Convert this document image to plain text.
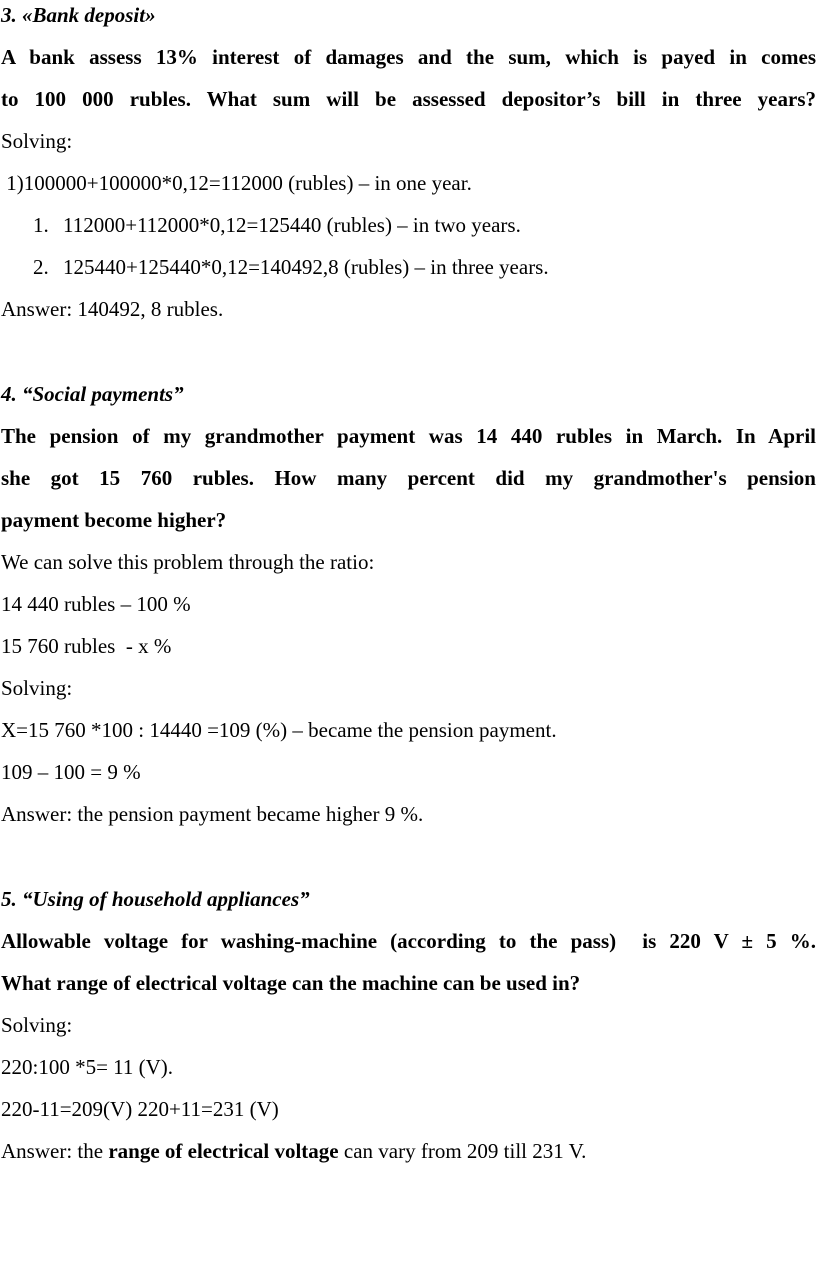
3. «Bank deposit»
A bank assess 13% interest of damages and the sum, which is payed in comes
to 100 000 rubles. What sum will be assessed depositor’s bill in three years?
Solving:
1)100000+100000*0,12=112000 (rubles) – in one year.
1. 112000+112000*0,12=125440 (rubles) – in two years.
2. 125440+125440*0,12=140492,8 (rubles) – in three years.
Answer: 140492, 8 rubles.
4. “Social payments”
The pension of my grandmother payment was 14 440 rubles in March. In April
she got 15 760 rubles. How many percent did my grandmother's pension
payment become higher?
We can solve this problem through the ratio:
14 440 rubles – 100 %
15 760 rubles  - x %
Solving:
X=15 760 *100 : 14440 =109 (%) – became the pension payment.
109 – 100 = 9 %
Answer: the pension payment became higher 9 %.
5. “Using of household appliances”
Allowable voltage for washing-machine (according to the pass)  is 220 V ± 5 %.
What range of electrical voltage can the machine can be used in?
Solving:
220:100 *5= 11 (V).
220-11=209(V) 220+11=231 (V)
Answer: the range of electrical voltage can vary from 209 till 231 V.
